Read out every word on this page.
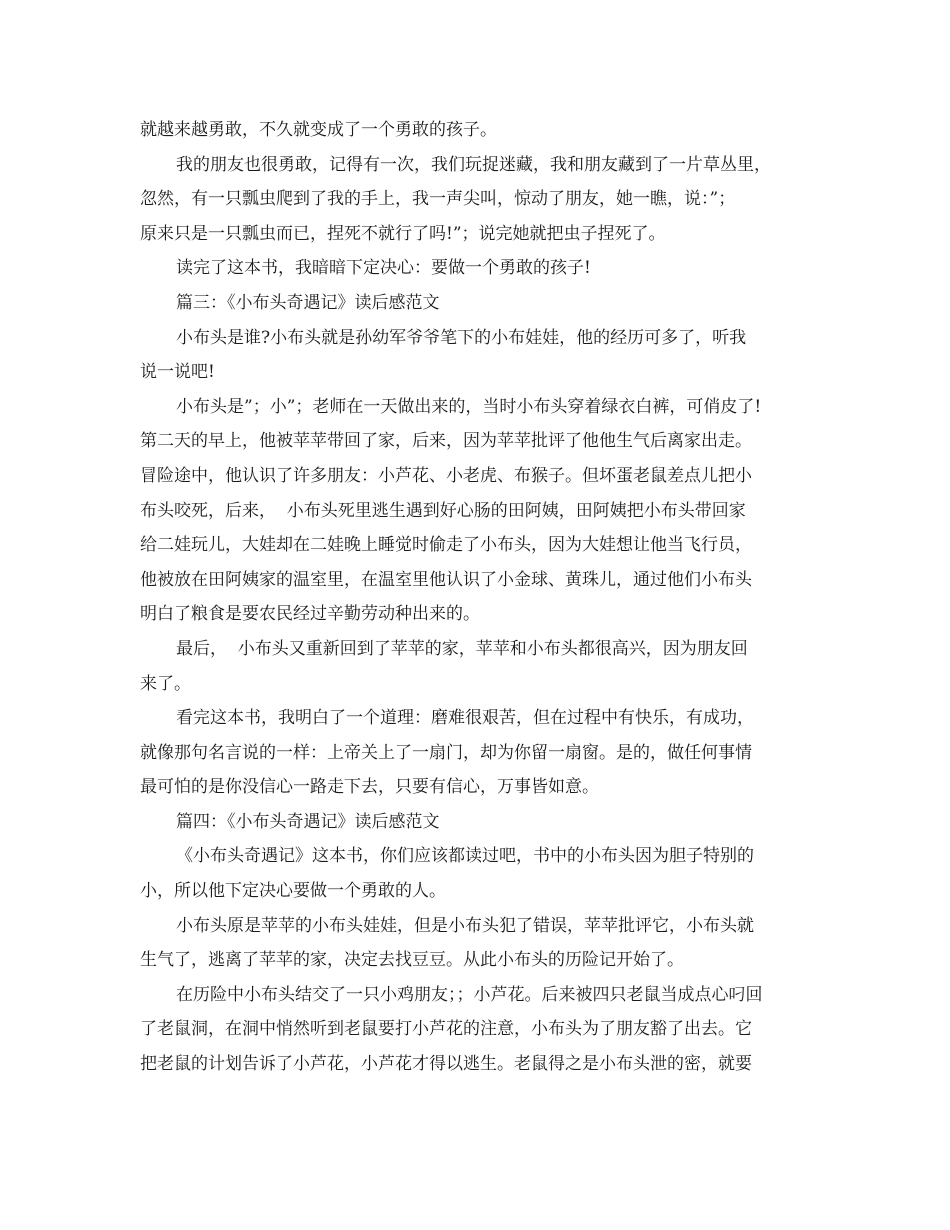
就越来越勇敢，不久就变成了一个勇敢的孩子。
我的朋友也很勇敢，记得有一次，我们玩捉迷藏，我和朋友藏到了一片草丛里，
忽然，有一只瓢虫爬到了我的手上，我一声尖叫，惊动了朋友，她一瞧，说：”；
原来只是一只瓢虫而已，捏死不就行了吗!”；说完她就把虫子捏死了。
读完了这本书，我暗暗下定决心：要做一个勇敢的孩子!
篇三：《小布头奇遇记》读后感范文
小布头是谁?小布头就是孙幼军爷爷笔下的小布娃娃，他的经历可多了，听我
说一说吧!
小布头是”；小”；老师在一天做出来的，当时小布头穿着绿衣白裤，可俏皮了!
第二天的早上，他被苹苹带回了家，后来，因为苹苹批评了他他生气后离家出走。
冒险途中，他认识了许多朋友：小芦花、小老虎、布猴子。但坏蛋老鼠差点儿把小
布头咬死，后来，  小布头死里逃生遇到好心肠的田阿姨，田阿姨把小布头带回家
给二娃玩儿，大娃却在二娃晚上睡觉时偷走了小布头，因为大娃想让他当飞行员，
他被放在田阿姨家的温室里，在温室里他认识了小金球、黄珠儿，通过他们小布头
明白了粮食是要农民经过辛勤劳动种出来的。
最后，  小布头又重新回到了苹苹的家，苹苹和小布头都很高兴，因为朋友回
来了。
看完这本书，我明白了一个道理：磨难很艰苦，但在过程中有快乐，有成功，
就像那句名言说的一样：上帝关上了一扇门，却为你留一扇窗。是的，做任何事情
最可怕的是你没信心一路走下去，只要有信心，万事皆如意。
篇四：《小布头奇遇记》读后感范文
《小布头奇遇记》这本书，你们应该都读过吧，书中的小布头因为胆子特别的
小，所以他下定决心要做一个勇敢的人。
小布头原是苹苹的小布头娃娃，但是小布头犯了错误，苹苹批评它，小布头就
生气了，逃离了苹苹的家，决定去找豆豆。从此小布头的历险记开始了。
在历险中小布头结交了一只小鸡朋友；；小芦花。后来被四只老鼠当成点心叼回
了老鼠洞，在洞中悄然听到老鼠要打小芦花的注意，小布头为了朋友豁了出去。它
把老鼠的计划告诉了小芦花，小芦花才得以逃生。老鼠得之是小布头泄的密，就要
